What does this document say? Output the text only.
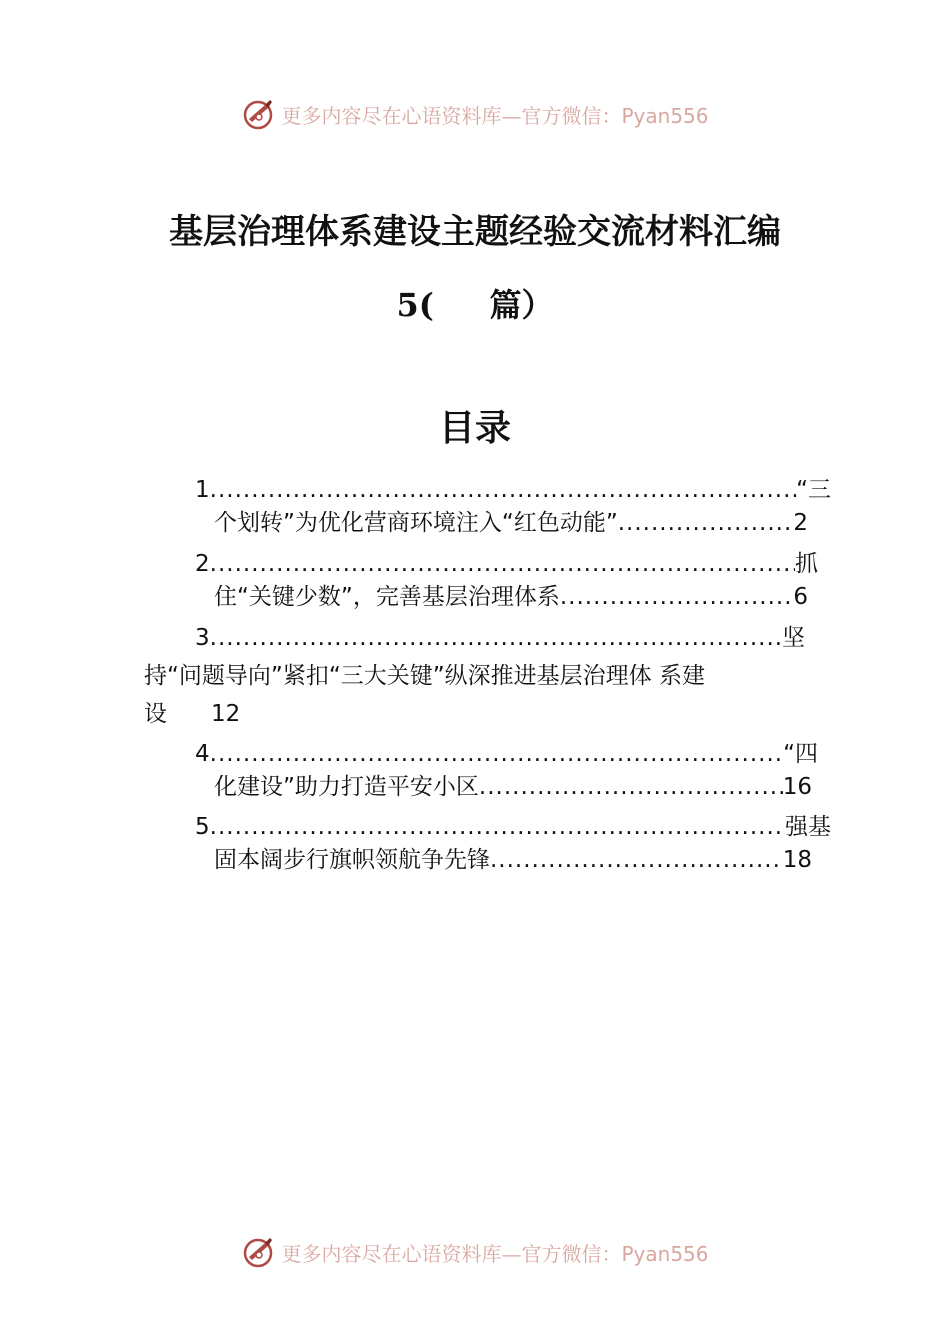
更多内容尽在心语资料库—官方微信：Pyan556
基层治理体系建设主题经验交流材料汇编
5(     篇）
目录
1 .....	“三
个划转”为优化营商环境注入“红色动能” .....	2
2 .....	抓
住“关键少数”，完善基层治理体系 .....	6
3 .....	坚
持“问题导向”紧扣“三大关键”纵深推进基层治理体 系建
设 12
4 .....	“四
化建设”助力打造平安小区 .....	16
5 .....	强基
固本阔步行旗帜领航争先锋 .....	18
更多内容尽在心语资料库—官方微信：Pyan556
